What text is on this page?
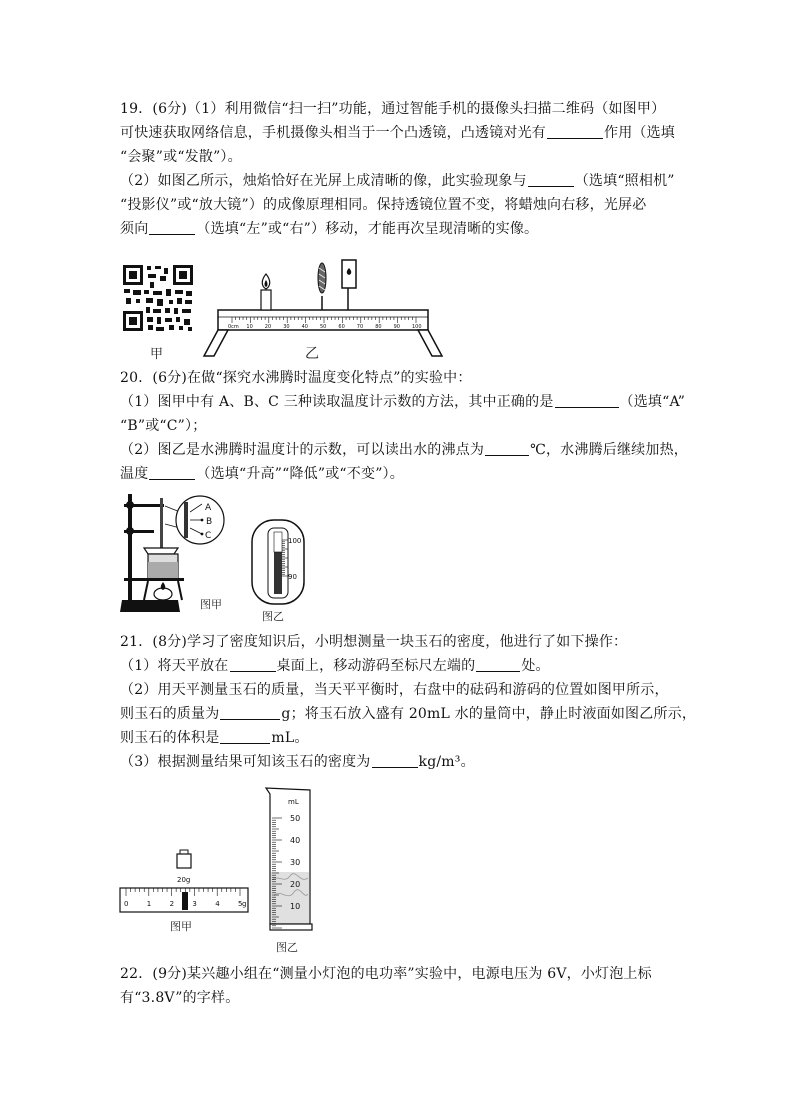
19．(6分)（1）利用微信“扫一扫”功能，通过智能手机的摄像头扫描二维码（如图甲）
可快速获取网络信息，手机摄像头相当于一个凸透镜，凸透镜对光有	作用（选填
“会聚”或“发散”）。
（2）如图乙所示，烛焰恰好在光屏上成清晰的像，此实验现象与	（选填“照相机”
“投影仪”或“放大镜”）的成像原理相同。保持透镜位置不变，将蜡烛向右移，光屏必
须向	（选填“左”或“右”）移动，才能再次呈现清晰的实像。
甲
0cm 10 20 30 40 50 60 70 80 90 100
乙
20．(6分)在做“探究水沸腾时温度变化特点”的实验中：
（1）图甲中有 A、B、C 三种读取温度计示数的方法，其中正确的是	（选填“A”
“B”或“C”）；
（2）图乙是水沸腾时温度计的示数，可以读出水的沸点为	℃，水沸腾后继续加热，
温度	（选填“升高”“降低”或“不变”）。
A
B
C
图甲
100
90
图乙
21．(8分)学习了密度知识后，小明想测量一块玉石的密度，他进行了如下操作：
（1）将天平放在	桌面上，移动游码至标尺左端的	处。
（2）用天平测量玉石的质量，当天平平衡时，右盘中的砝码和游码的位置如图甲所示，
则玉石的质量为	g；将玉石放入盛有 20mL 水的量筒中，静止时液面如图乙所示，
则玉石的体积是	mL。
（3）根据测量结果可知该玉石的密度为	kg/m³。
20g
0	1	2	3	4	5 g
图甲
mL
50
40
30
20
10
图乙
22．(9分)某兴趣小组在“测量小灯泡的电功率”实验中，电源电压为 6V，小灯泡上标
有“3.8V”的字样。
